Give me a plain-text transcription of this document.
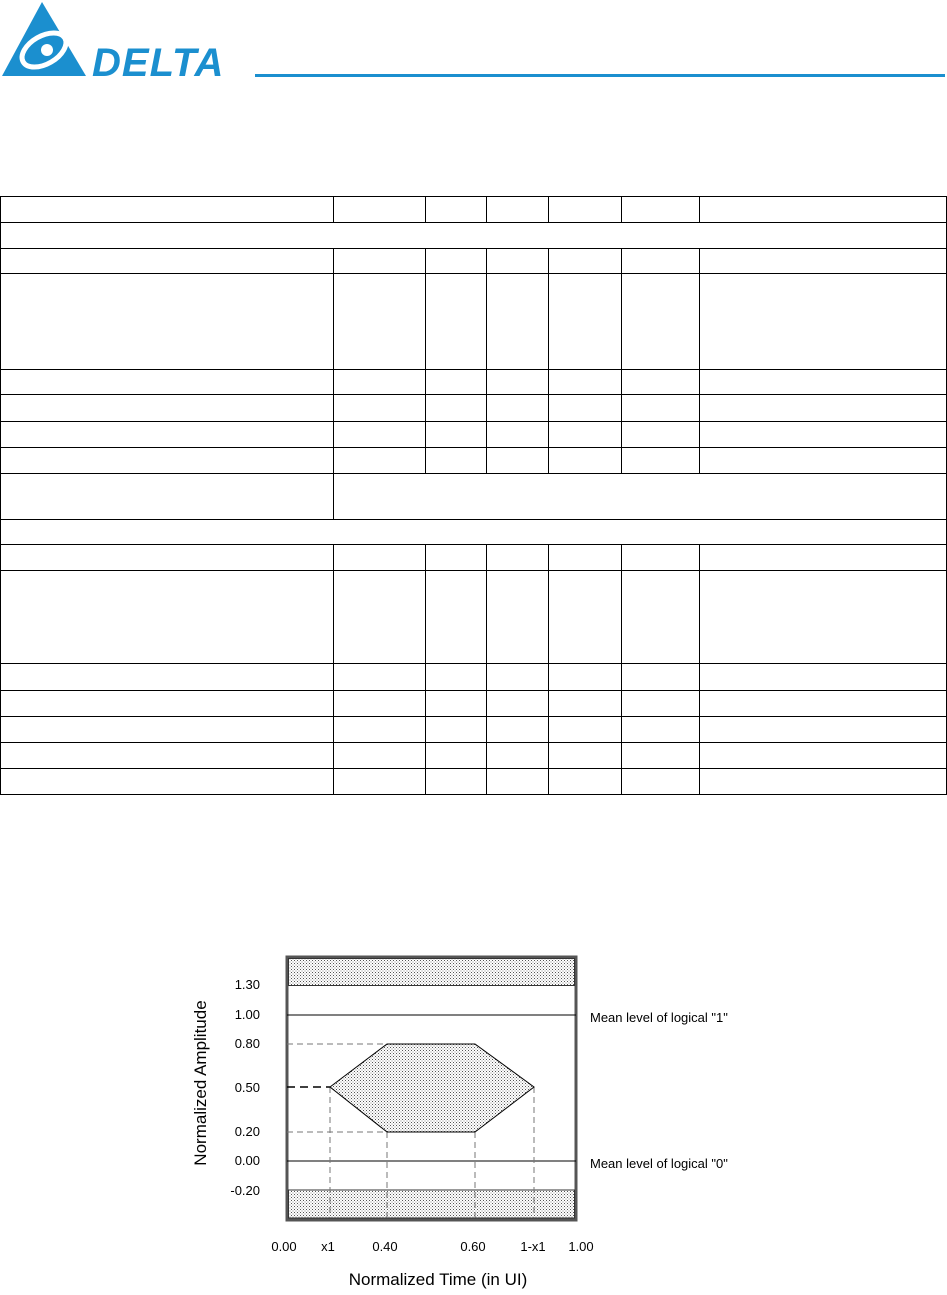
DELTA

1.30
1.00
0.80
0.50
0.20
0.00
-0.20
0.00 x1	0.40	0.60	1-x1 1.00
Normalized Amplitude
Normalized Time (in UI)
Mean level of logical "1"
Mean level of logical "0"
